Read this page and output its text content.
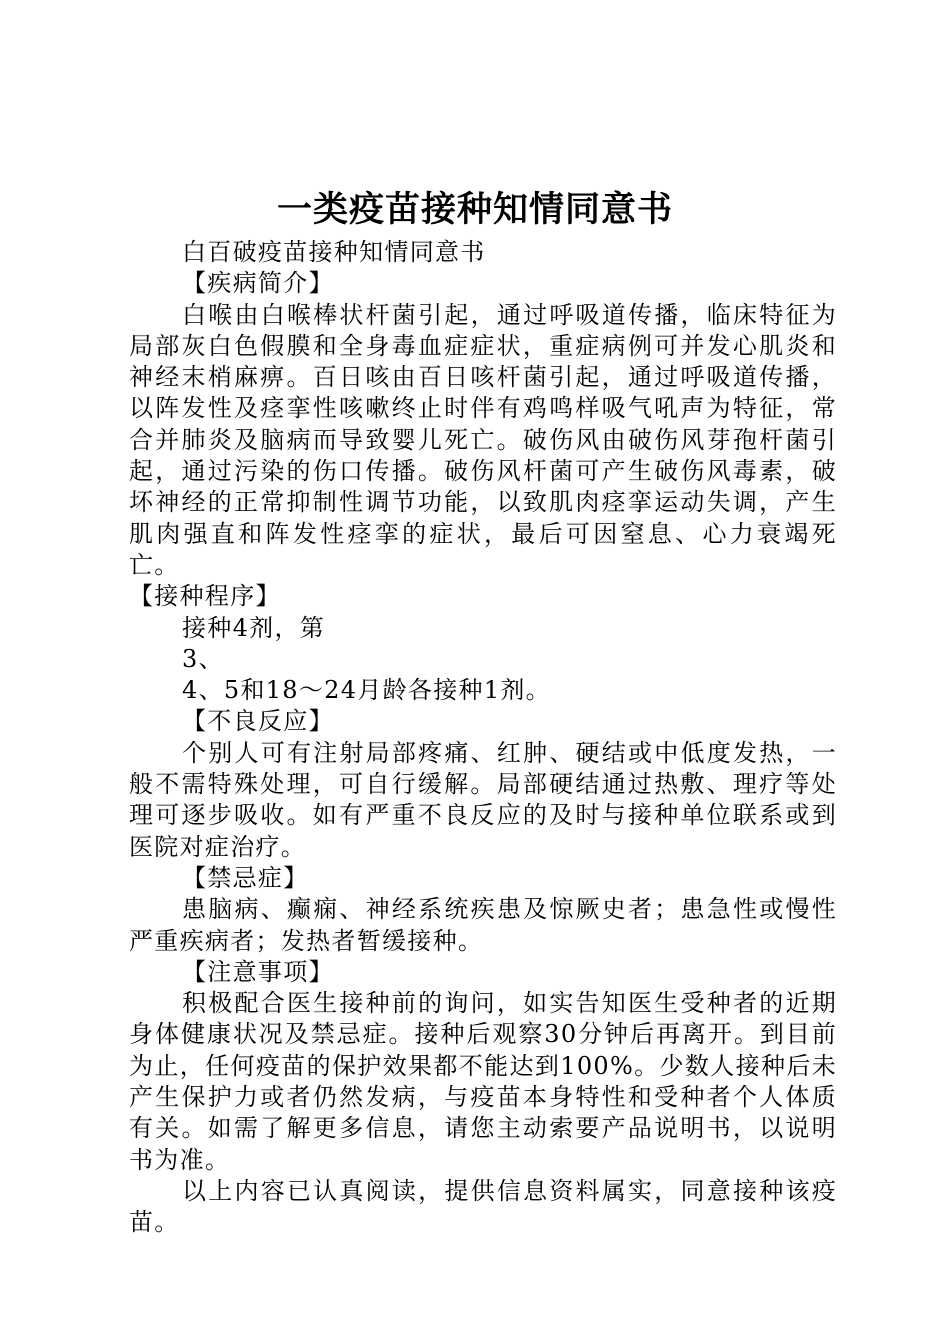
一类疫苗接种知情同意书

白百破疫苗接种知情同意书

【疾病简介】

白喉由白喉棒状杆菌引起，通过呼吸道传播，临床特征为局部灰白色假膜和全身毒血症症状，重症病例可并发心肌炎和神经末梢麻痹。百日咳由百日咳杆菌引起，通过呼吸道传播，以阵发性及痉挛性咳嗽终止时伴有鸡鸣样吸气吼声为特征，常合并肺炎及脑病而导致婴儿死亡。破伤风由破伤风芽孢杆菌引起，通过污染的伤口传播。破伤风杆菌可产生破伤风毒素，破坏神经的正常抑制性调节功能，以致肌肉痉挛运动失调，产生肌肉强直和阵发性痉挛的症状，最后可因窒息、心力衰竭死亡。

【接种程序】

接种4剂，第

3、

4、5和18～24月龄各接种1剂。

【不良反应】

个别人可有注射局部疼痛、红肿、硬结或中低度发热，一般不需特殊处理，可自行缓解。局部硬结通过热敷、理疗等处理可逐步吸收。如有严重不良反应的及时与接种单位联系或到医院对症治疗。

【禁忌症】

患脑病、癫痫、神经系统疾患及惊厥史者；患急性或慢性严重疾病者；发热者暂缓接种。

【注意事项】

积极配合医生接种前的询问，如实告知医生受种者的近期身体健康状况及禁忌症。接种后观察30分钟后再离开。到目前为止，任何疫苗的保护效果都不能达到100%。少数人接种后未产生保护力或者仍然发病，与疫苗本身特性和受种者个人体质有关。如需了解更多信息，请您主动索要产品说明书，以说明书为准。

以上内容已认真阅读，提供信息资料属实，同意接种该疫苗。
